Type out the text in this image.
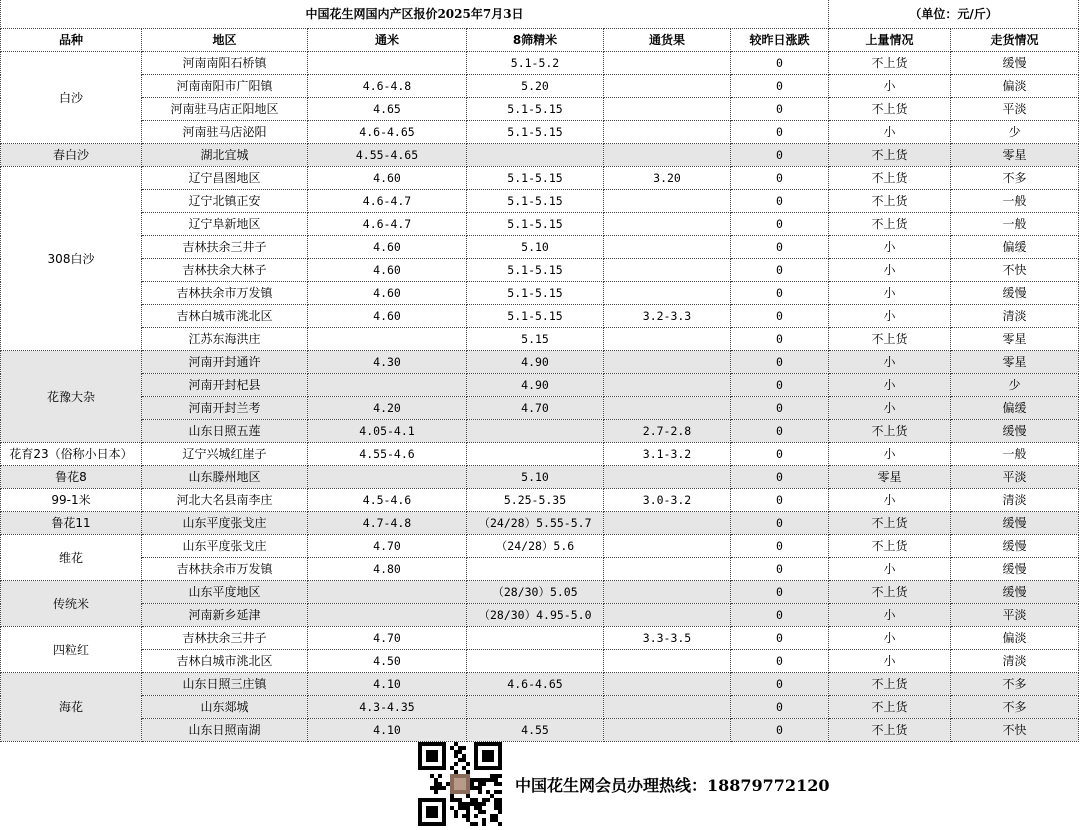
中国花生网国内产区报价2025年7月3日						（单位：元/斤）	
品种	地区	通米	8筛精米	通货果	较昨日涨跌	上量情况	走货情况
白沙	河南南阳石桥镇		5.1-5.2		0	不上货	缓慢
	河南南阳市广阳镇	4.6-4.8	5.20		0	小	偏淡
	河南驻马店正阳地区	4.65	5.1-5.15		0	不上货	平淡
	河南驻马店泌阳	4.6-4.65	5.1-5.15		0	小	少
春白沙	湖北宜城	4.55-4.65			0	不上货	零星
308白沙	辽宁昌图地区	4.60	5.1-5.15	3.20	0	不上货	不多
	辽宁北镇正安	4.6-4.7	5.1-5.15		0	不上货	一般
	辽宁阜新地区	4.6-4.7	5.1-5.15		0	不上货	一般
	吉林扶余三井子	4.60	5.10		0	小	偏缓
	吉林扶余大林子	4.60	5.1-5.15		0	小	不快
	吉林扶余市万发镇	4.60	5.1-5.15		0	小	缓慢
	吉林白城市洮北区	4.60	5.1-5.15	3.2-3.3	0	小	清淡
	江苏东海洪庄		5.15		0	不上货	零星
花豫大杂	河南开封通许	4.30	4.90		0	小	零星
	河南开封杞县		4.90		0	小	少
	河南开封兰考	4.20	4.70		0	小	偏缓
	山东日照五莲	4.05-4.1		2.7-2.8	0	不上货	缓慢
花育23（俗称小日本）	辽宁兴城红崖子	4.55-4.6		3.1-3.2	0	小	一般
鲁花8	山东滕州地区		5.10		0	零星	平淡
99-1米	河北大名县南李庄	4.5-4.6	5.25-5.35	3.0-3.2	0	小	清淡
鲁花11	山东平度张戈庄	4.7-4.8	（24/28）5.55-5.7		0	不上货	缓慢
维花	山东平度张戈庄	4.70	（24/28）5.6		0	不上货	缓慢
	吉林扶余市万发镇	4.80			0	小	缓慢
传统米	山东平度地区		（28/30）5.05		0	不上货	缓慢
	河南新乡延津		（28/30）4.95-5.0		0	小	平淡
四粒红	吉林扶余三井子	4.70		3.3-3.5	0	小	偏淡
	吉林白城市洮北区	4.50			0	小	清淡
海花	山东日照三庄镇	4.10	4.6-4.65		0	不上货	不多
	山东郯城	4.3-4.35			0	不上货	不多
	山东日照南湖	4.10	4.55		0	不上货	不快
中国花生网会员办理热线：18879772120
